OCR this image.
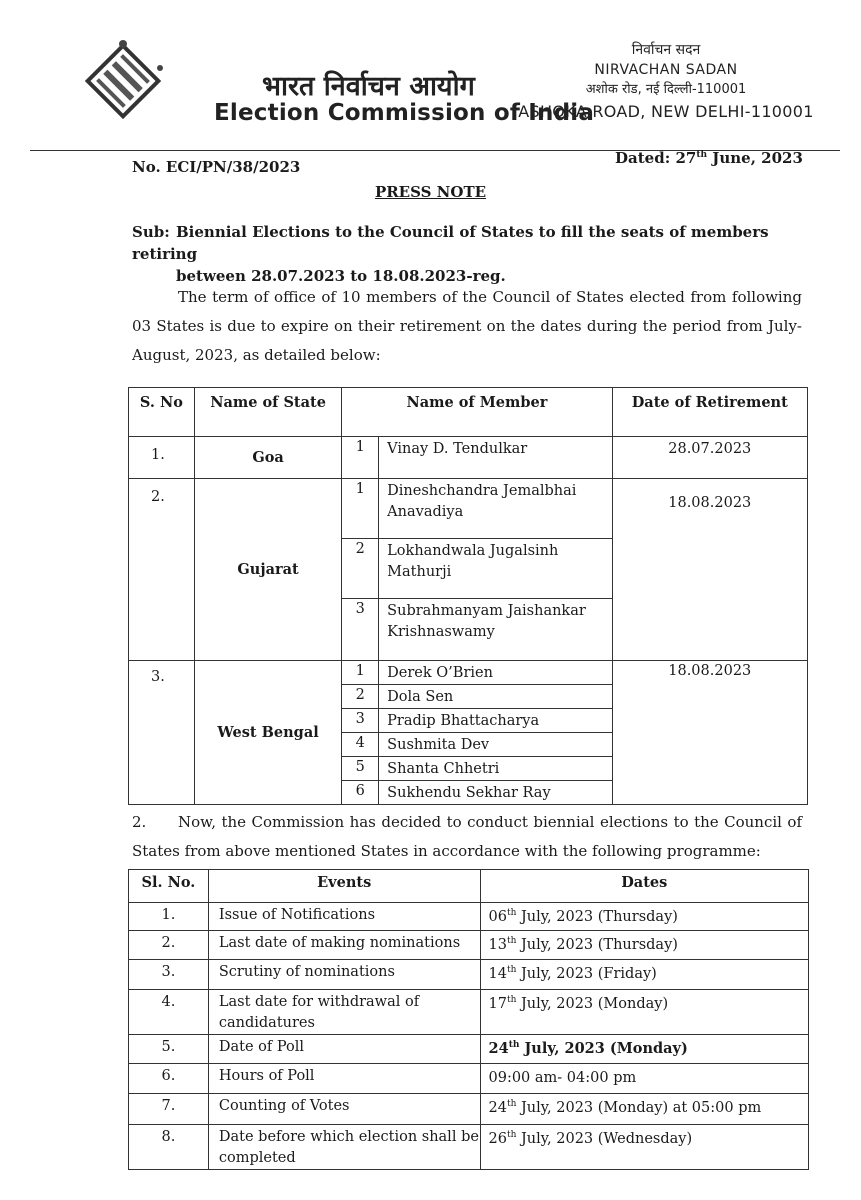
भारत निर्वाचन आयोग
Election Commission of India
निर्वाचन सदन
NIRVACHAN SADAN
अशोक रोड, नई दिल्ली-110001
ASHOKA ROAD, NEW DELHI-110001
No. ECI/PN/38/2023	Dated: 27th June, 2023
PRESS NOTE
Sub: Biennial Elections to the Council of States to fill the seats of members retiring
between 28.07.2023 to 18.08.2023-reg.
The term of office of 10 members of the Council of States elected from following 03 States is due to expire on their retirement on the dates during the period from July-August, 2023, as detailed below:
S. No	Name of State	Name of Member		Date of Retirement
1.	Goa	1	Vinay D. Tendulkar	28.07.2023
2.	Gujarat	1	Dineshchandra Jemalbhai Anavadiya	18.08.2023
		2	Lokhandwala Jugalsinh Mathurji	
		3	Subrahmanyam Jaishankar Krishnaswamy	
3.	West Bengal	1	Derek O’Brien	18.08.2023
		2	Dola Sen	
		3	Pradip Bhattacharya	
		4	Sushmita Dev	
		5	Shanta Chhetri	
		6	Sukhendu Sekhar Ray	
2. Now, the Commission has decided to conduct biennial elections to the Council of States from above mentioned States in accordance with the following programme:
Sl. No.	Events	Dates
1.	Issue of Notifications	06th July, 2023 (Thursday)
2.	Last date of making nominations	13th July, 2023 (Thursday)
3.	Scrutiny of nominations	14th July, 2023 (Friday)
4.	Last date for withdrawal of candidatures	17th July, 2023 (Monday)
5.	Date of Poll	24th July, 2023 (Monday)
6.	Hours of Poll	09:00 am- 04:00 pm
7.	Counting of Votes	24th July, 2023 (Monday) at 05:00 pm
8.	Date before which election shall be completed	26th July, 2023 (Wednesday)
